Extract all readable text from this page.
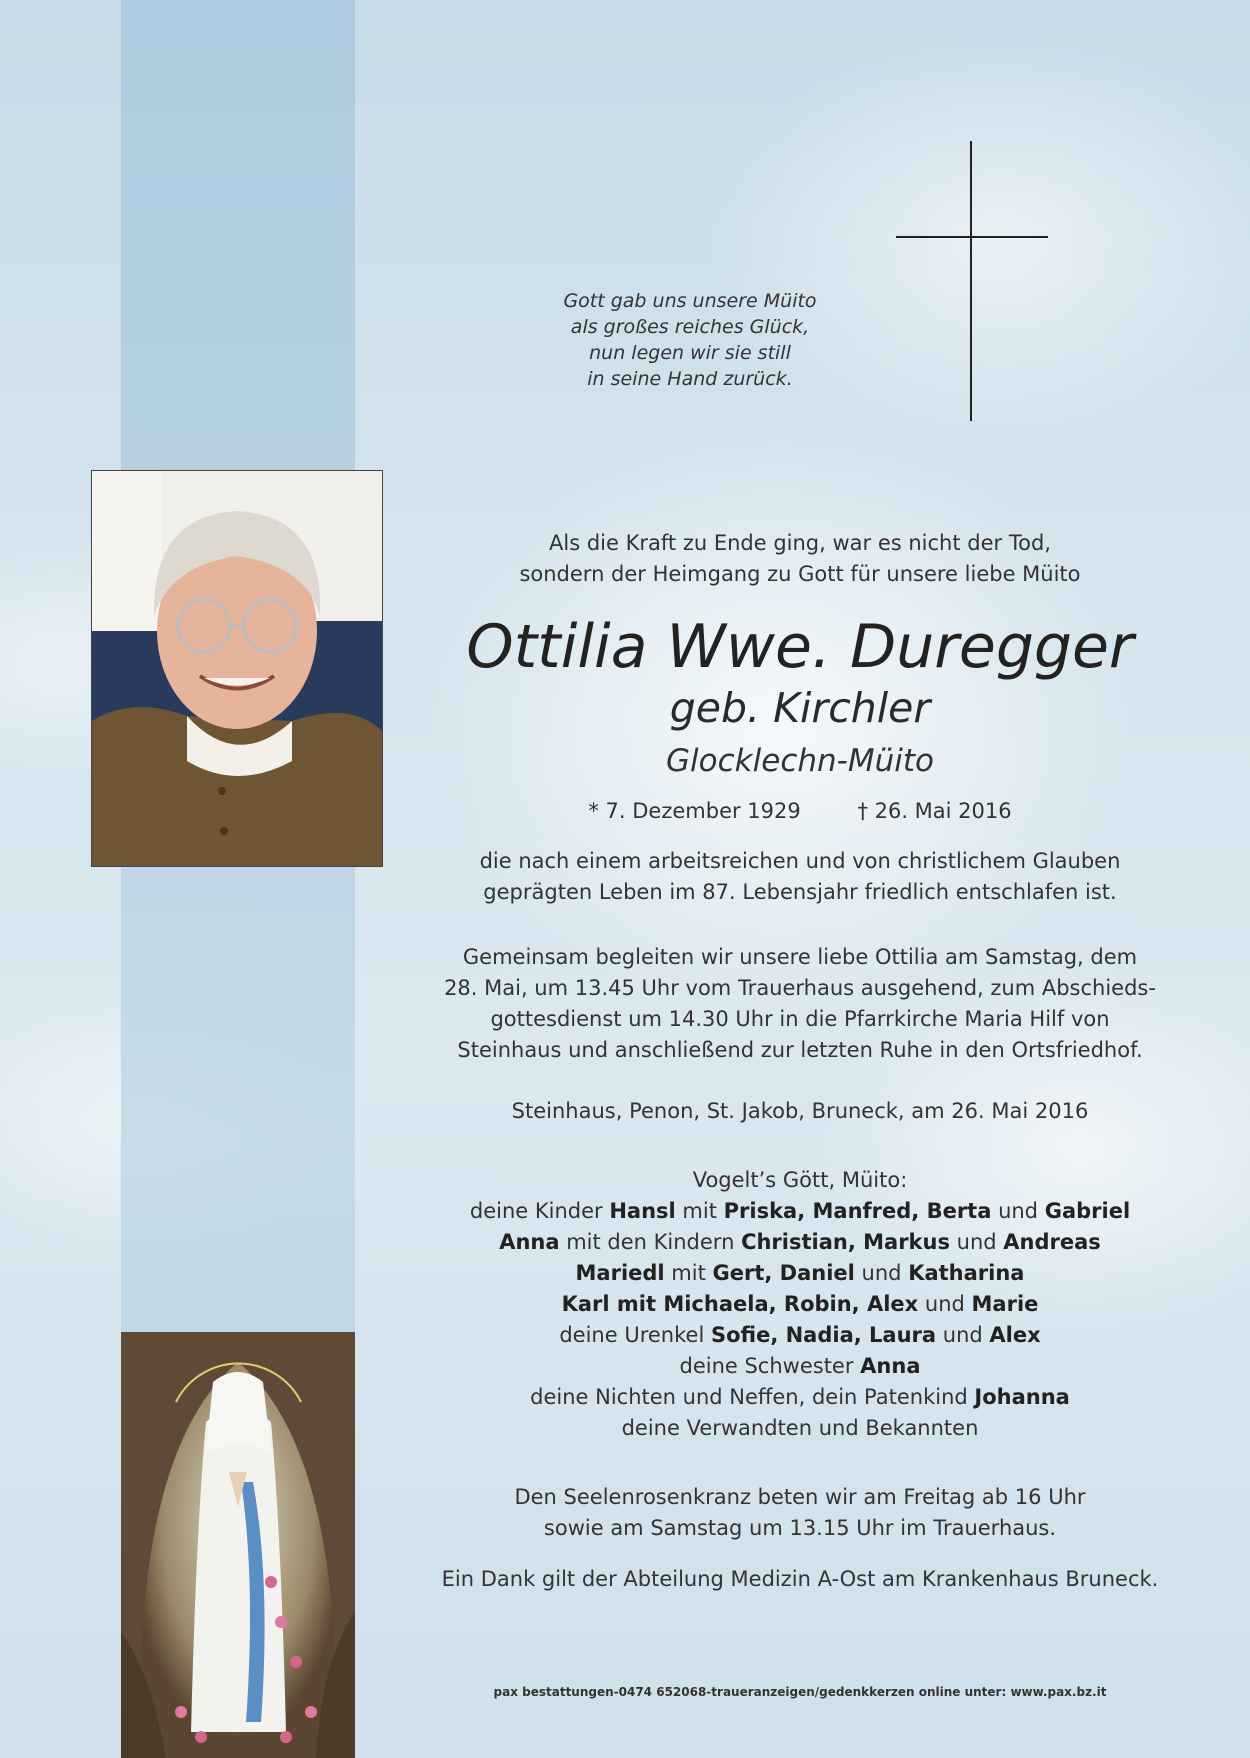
Gott gab uns unsere Müito
als großes reiches Glück,
nun legen wir sie still
in seine Hand zurück.
Als die Kraft zu Ende ging, war es nicht der Tod,
sondern der Heimgang zu Gott für unsere liebe Müito
Ottilia Wwe. Duregger
geb. Kirchler
Glocklechn-Müito
* 7. Dezember 1929	† 26. Mai 2016
die nach einem arbeitsreichen und von christlichem Glauben
geprägten Leben im 87. Lebensjahr friedlich entschlafen ist.
Gemeinsam begleiten wir unsere liebe Ottilia am Samstag, dem
28. Mai, um 13.45 Uhr vom Trauerhaus ausgehend, zum Abschieds-
gottesdienst um 14.30 Uhr in die Pfarrkirche Maria Hilf von
Steinhaus und anschließend zur letzten Ruhe in den Ortsfriedhof.
Steinhaus, Penon, St. Jakob, Bruneck, am 26. Mai 2016
Vogelt’s Gött, Müito:
deine Kinder Hansl mit Priska, Manfred, Berta und Gabriel
Anna mit den Kindern Christian, Markus und Andreas
Mariedl mit Gert, Daniel und Katharina
Karl mit Michaela, Robin, Alex und Marie
deine Urenkel Sofie, Nadia, Laura und Alex
deine Schwester Anna
deine Nichten und Neffen, dein Patenkind Johanna
deine Verwandten und Bekannten
Den Seelenrosenkranz beten wir am Freitag ab 16 Uhr
sowie am Samstag um 13.15 Uhr im Trauerhaus.
Ein Dank gilt der Abteilung Medizin A-Ost am Krankenhaus Bruneck.
pax bestattungen-0474 652068-traueranzeigen/gedenkkerzen online unter: www.pax.bz.it
